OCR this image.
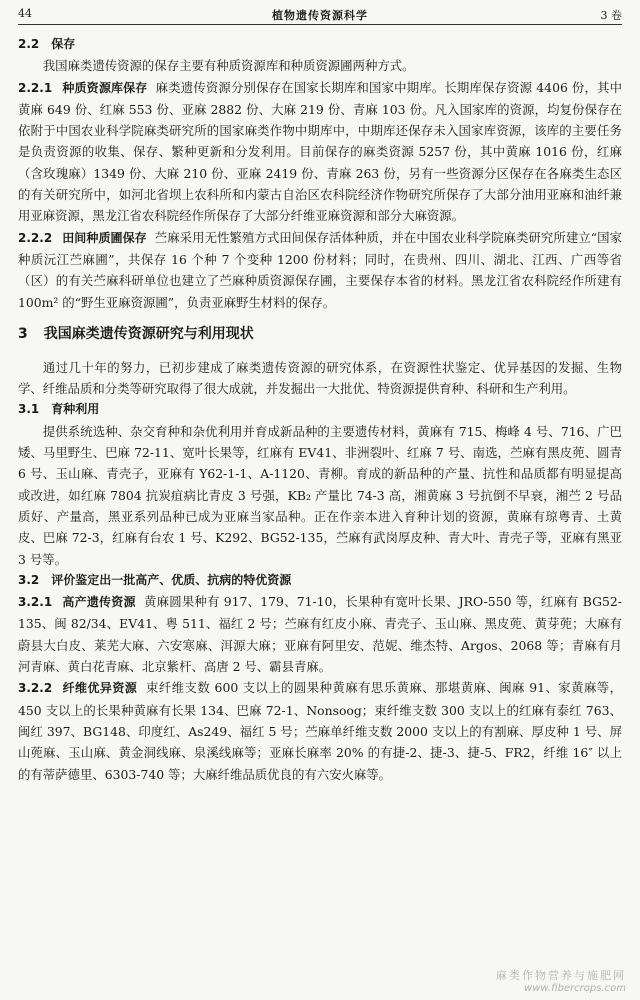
44	植物遗传资源科学	3 卷
2.2 保存
我国麻类遗传资源的保存主要有种质资源库和种质资源圃两种方式。
2.2.1 种质资源库保存 麻类遗传资源分别保存在国家长期库和国家中期库。长期库保存资源 4406 份，其中黄麻 649 份、红麻 553 份、亚麻 2882 份、大麻 219 份、青麻 103 份。凡入国家库的资源，均复份保存在依附于中国农业科学院麻类研究所的国家麻类作物中期库中，中期库还保存未入国家库资源，该库的主要任务是负责资源的收集、保存、繁种更新和分发利用。目前保存的麻类资源 5257 份，其中黄麻 1016 份，红麻（含玫瑰麻）1349 份、大麻 210 份、亚麻 2419 份、青麻 263 份，另有一些资源分区保存在各麻类生态区的有关研究所中，如河北省坝上农科所和内蒙古自治区农科院经济作物研究所保存了大部分油用亚麻和油纤兼用亚麻资源，黑龙江省农科院经作所保存了大部分纤维亚麻资源和部分大麻资源。
2.2.2 田间种质圃保存 苎麻采用无性繁殖方式田间保存活体种质，并在中国农业科学院麻类研究所建立“国家种质沅江苎麻圃”，共保存 16 个种 7 个变种 1200 份材料；同时，在贵州、四川、湖北、江西、广西等省（区）的有关苎麻科研单位也建立了苎麻种质资源保存圃，主要保存本省的材料。黑龙江省农科院经作所建有 100m² 的“野生亚麻资源圃”，负责亚麻野生材料的保存。
3 我国麻类遗传资源研究与利用现状
通过几十年的努力，已初步建成了麻类遗传资源的研究体系，在资源性状鉴定、优异基因的发掘、生物学、纤维品质和分类等研究取得了很大成就，并发掘出一大批优、特资源提供育种、科研和生产利用。
3.1 育种利用
提供系统选种、杂交育种和杂优利用并育成新品种的主要遗传材料，黄麻有 715、梅峰 4 号、716、广巴矮、马里野生、巴麻 72-11、宽叶长果等，红麻有 EV41、非洲裂叶、红麻 7 号、南选，苎麻有黑皮蔸、圆青 6 号、玉山麻、青壳子，亚麻有 Y62-1-1、A-1120、青柳。育成的新品种的产量、抗性和品质都有明显提高或改进，如红麻 7804 抗炭疽病比青皮 3 号强，KB₂ 产量比 74-3 高，湘黄麻 3 号抗倒不早衰，湘苎 2 号品质好、产量高，黑亚系列品种已成为亚麻当家品种。正在作亲本进入育种计划的资源，黄麻有琼粤青、土黄皮、巴麻 72-3，红麻有台农 1 号、K292、BG52-135，苎麻有武岗厚皮种、青大叶、青壳子等，亚麻有黑亚 3 号等。
3.2 评价鉴定出一批高产、优质、抗病的特优资源
3.2.1 高产遗传资源 黄麻圆果种有 917、179、71-10，长果种有宽叶长果、JRO-550 等，红麻有 BG52-135、闽 82/34、EV41、粤 511、福红 2 号；苎麻有红皮小麻、青壳子、玉山麻、黑皮蔸、黄芽蔸；大麻有蔚县大白皮、莱芜大麻、六安寒麻、洱源大麻；亚麻有阿里安、范妮、维杰特、Argos、2068 等；青麻有月河青麻、黄白花青麻、北京紫杆、高唐 2 号、霸县青麻。
3.2.2 纤维优异资源 束纤维支数 600 支以上的圆果种黄麻有思乐黄麻、那堪黄麻、闽麻 91、家黄麻等，450 支以上的长果种黄麻有长果 134、巴麻 72-1、Nonsoog；束纤维支数 300 支以上的红麻有泰红 763、闽红 397、BG148、印度红、As249、福红 5 号；苎麻单纤维支数 2000 支以上的有割麻、厚皮种 1 号、屏山蔸麻、玉山麻、黄金洞线麻、泉溪线麻等；亚麻长麻率 20% 的有捷-2、捷-3、捷-5、FR2，纤维 16″ 以上的有蒂萨德里、6303-740 等；大麻纤维品质优良的有六安火麻等。
麻类作物营养与施肥网
www.fibercrops.com
